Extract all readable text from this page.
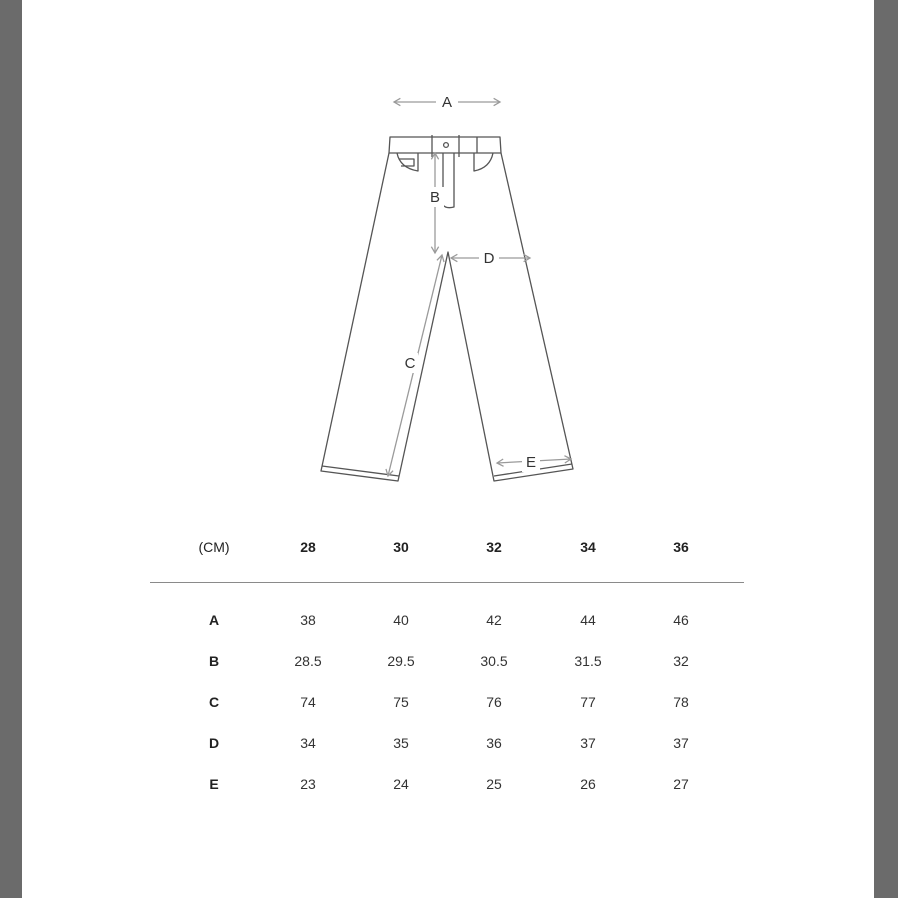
A
B
D
C
E
(CM)	28	30	32	34	36
A	38	40	42	44	46
B	28.5	29.5	30.5	31.5	32
C	74	75	76	77	78
D	34	35	36	37	37
E	23	24	25	26	27
